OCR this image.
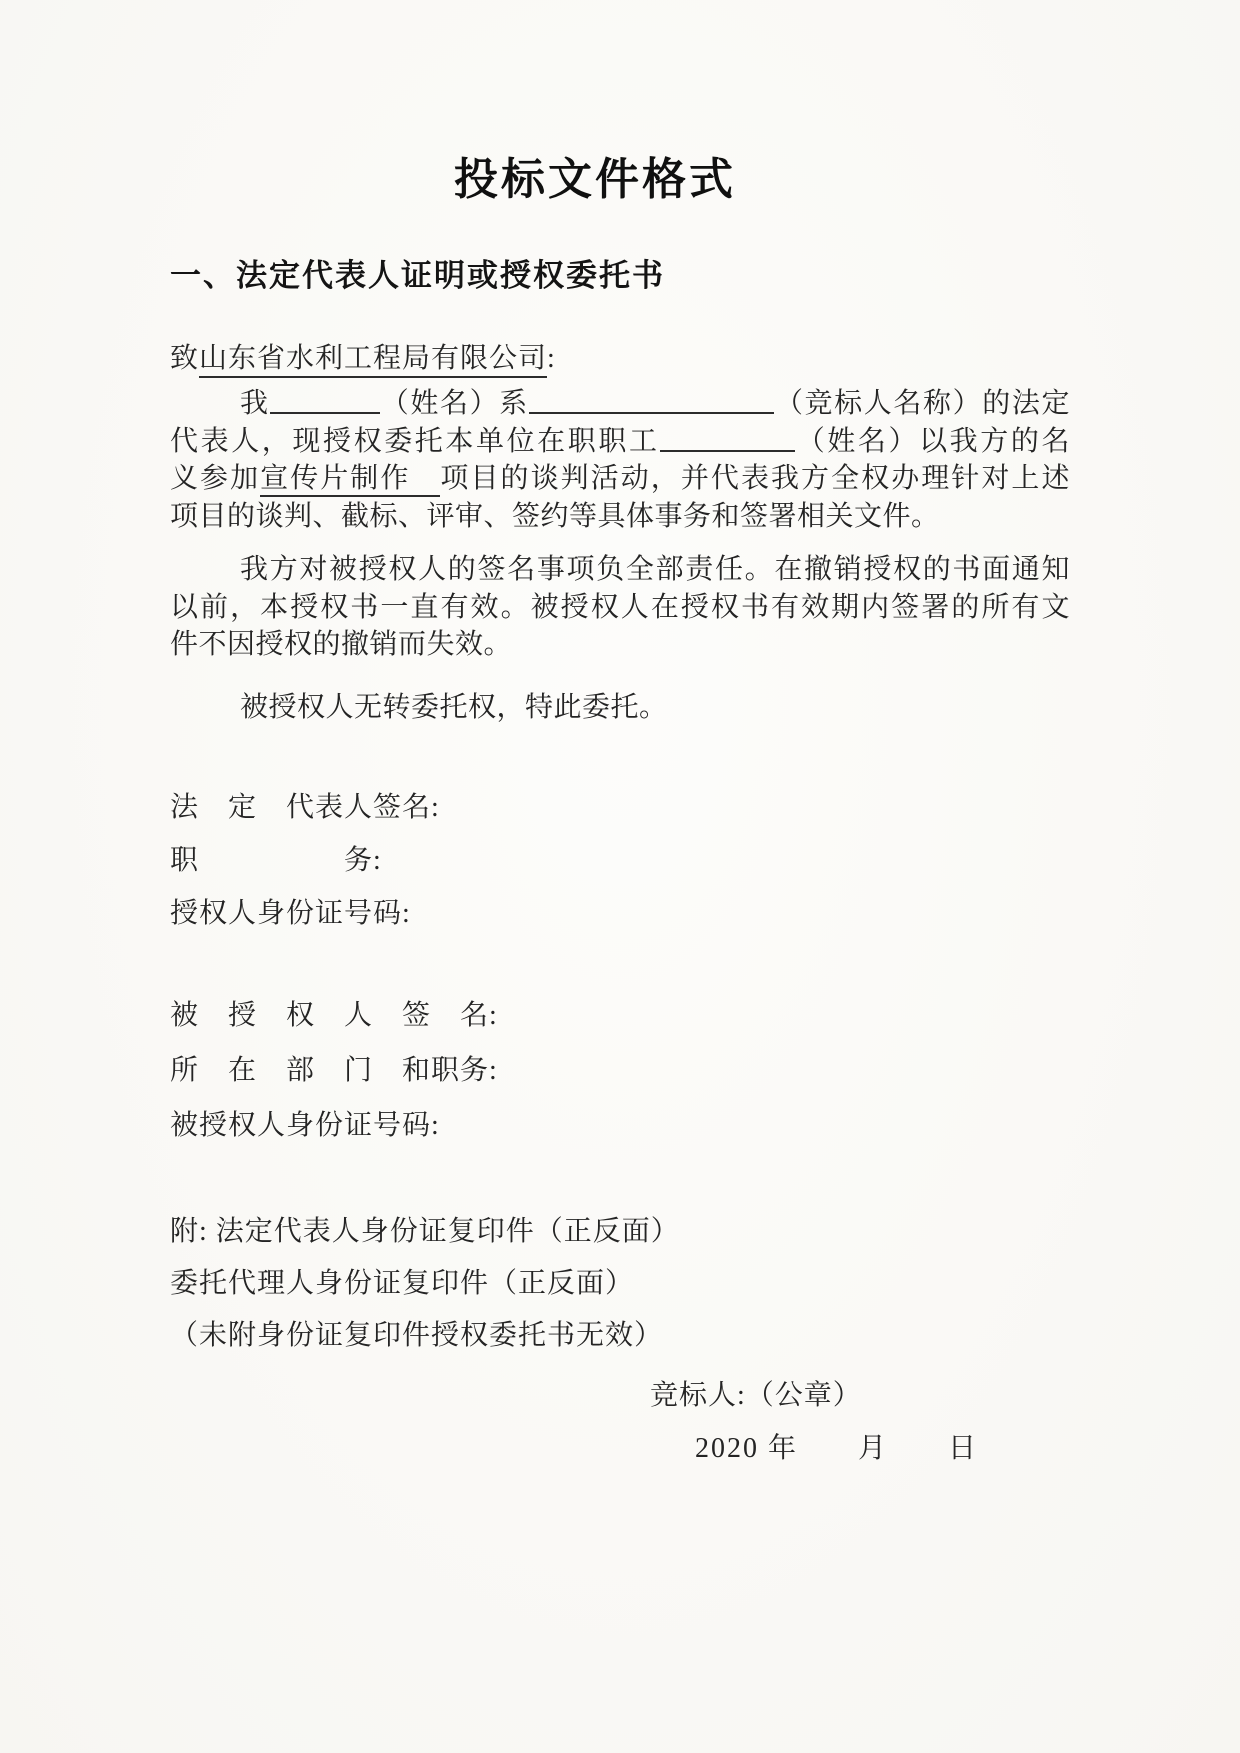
投标文件格式
一、法定代表人证明或授权委托书
致山东省水利工程局有限公司:
我	（姓名）系	（竞标人名称）的法定
代表人，现授权委托本单位在职职工	（姓名）以我方的名
义参加宣传片制作 项目的谈判活动，并代表我方全权办理针对上述
项目的谈判、截标、评审、签约等具体事务和签署相关文件。
我方对被授权人的签名事项负全部责任。在撤销授权的书面通知
以前，本授权书一直有效。被授权人在授权书有效期内签署的所有文
件不因授权的撤销而失效。
被授权人无转委托权，特此委托。
法　定　代表人签名:
职　　　　　务:
授权人身份证号码:
被　授　权　人　签　名:
所　在　部　门　和职务:
被授权人身份证号码:
附: 法定代表人身份证复印件（正反面）
委托代理人身份证复印件（正反面）
（未附身份证复印件授权委托书无效）
竞标人:（公章）
2020 年　　月　　日
